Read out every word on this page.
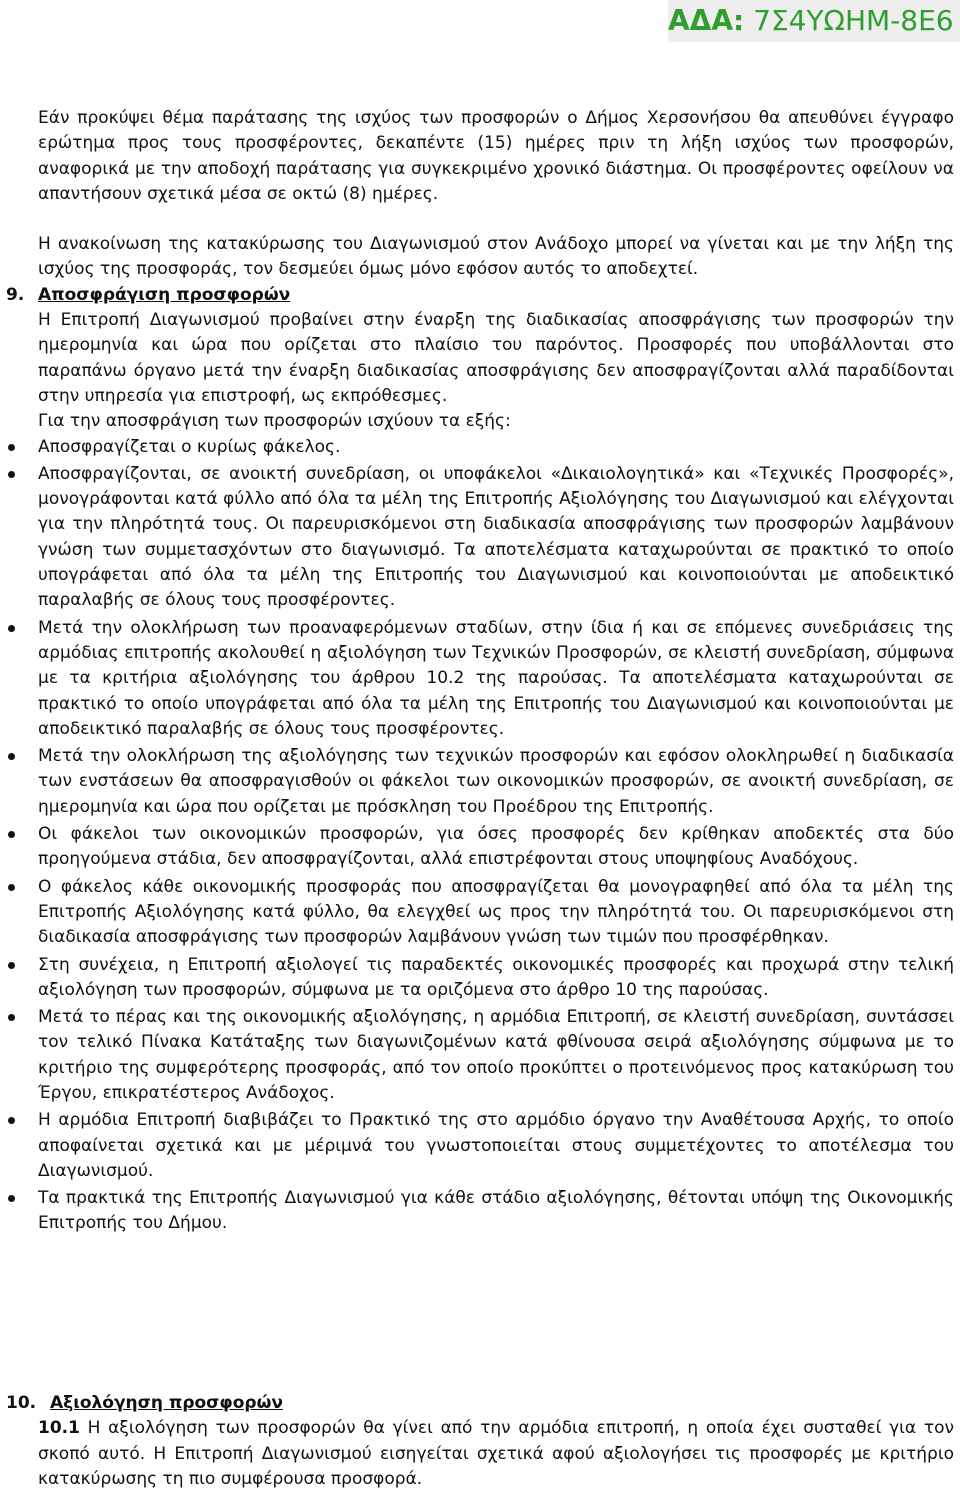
ΑΔΑ: 7Σ4ΥΩΗΜ-8Ε6

Εάν προκύψει θέμα παράτασης της ισχύος των προσφορών ο Δήμος Χερσονήσου θα απευθύνει έγγραφο ερώτημα προς τους προσφέροντες, δεκαπέντε (15) ημέρες πριν τη λήξη ισχύος των προσφορών, αναφορικά με την αποδοχή παράτασης για συγκεκριμένο χρονικό διάστημα. Οι προσφέροντες οφείλουν να απαντήσουν σχετικά μέσα σε οκτώ (8) ημέρες.

Η ανακοίνωση της κατακύρωσης του Διαγωνισμού στον Ανάδοχο μπορεί να γίνεται και με την λήξη της ισχύος της προσφοράς, τον δεσμεύει όμως μόνο εφόσον αυτός το αποδεχτεί.

9. Αποσφράγιση προσφορών

Η Επιτροπή Διαγωνισμού προβαίνει στην έναρξη της διαδικασίας αποσφράγισης των προσφορών την ημερομηνία και ώρα που ορίζεται στο πλαίσιο του παρόντος. Προσφορές που υποβάλλονται στο παραπάνω όργανο μετά την έναρξη διαδικασίας αποσφράγισης δεν αποσφραγίζονται αλλά παραδίδονται στην υπηρεσία για επιστροφή, ως εκπρόθεσμες.

Για την αποσφράγιση των προσφορών ισχύουν τα εξής:

Αποσφραγίζεται ο κυρίως φάκελος.
Αποσφραγίζονται, σε ανοικτή συνεδρίαση, οι υποφάκελοι «Δικαιολογητικά» και «Τεχνικές Προσφορές», μονογράφονται κατά φύλλο από όλα τα μέλη της Επιτροπής Αξιολόγησης του Διαγωνισμού και ελέγχονται για την πληρότητά τους. Οι παρευρισκόμενοι στη διαδικασία αποσφράγισης των προσφορών λαμβάνουν γνώση των συμμετασχόντων στο διαγωνισμό. Τα αποτελέσματα καταχωρούνται σε πρακτικό το οποίο υπογράφεται από όλα τα μέλη της Επιτροπής του Διαγωνισμού και κοινοποιούνται με αποδεικτικό παραλαβής σε όλους τους προσφέροντες.
Μετά την ολοκλήρωση των προαναφερόμενων σταδίων, στην ίδια ή και σε επόμενες συνεδριάσεις της αρμόδιας επιτροπής ακολουθεί η αξιολόγηση των Τεχνικών Προσφορών, σε κλειστή συνεδρίαση, σύμφωνα με τα κριτήρια αξιολόγησης του άρθρου 10.2 της παρούσας. Τα αποτελέσματα καταχωρούνται σε πρακτικό το οποίο υπογράφεται από όλα τα μέλη της Επιτροπής του Διαγωνισμού και κοινοποιούνται με αποδεικτικό παραλαβής σε όλους τους προσφέροντες.
Μετά την ολοκλήρωση της αξιολόγησης των τεχνικών προσφορών και εφόσον ολοκληρωθεί η διαδικασία των ενστάσεων θα αποσφραγισθούν οι φάκελοι των οικονομικών προσφορών, σε ανοικτή συνεδρίαση, σε ημερομηνία και ώρα που ορίζεται με πρόσκληση του Προέδρου της Επιτροπής.
Οι φάκελοι των οικονομικών προσφορών, για όσες προσφορές δεν κρίθηκαν αποδεκτές στα δύο προηγούμενα στάδια, δεν αποσφραγίζονται, αλλά επιστρέφονται στους υποψηφίους Αναδόχους.
Ο φάκελος κάθε οικονομικής προσφοράς που αποσφραγίζεται θα μονογραφηθεί από όλα τα μέλη της Επιτροπής Αξιολόγησης κατά φύλλο, θα ελεγχθεί ως προς την πληρότητά του. Οι παρευρισκόμενοι στη διαδικασία αποσφράγισης των προσφορών λαμβάνουν γνώση των τιμών που προσφέρθηκαν.
Στη συνέχεια, η Επιτροπή αξιολογεί τις παραδεκτές οικονομικές προσφορές και προχωρά στην τελική αξιολόγηση των προσφορών, σύμφωνα με τα οριζόμενα στο άρθρο 10 της παρούσας.
Μετά το πέρας και της οικονομικής αξιολόγησης, η αρμόδια Επιτροπή, σε κλειστή συνεδρίαση, συντάσσει τον τελικό Πίνακα Κατάταξης των διαγωνιζομένων κατά φθίνουσα σειρά αξιολόγησης σύμφωνα με το κριτήριο της συμφερότερης προσφοράς, από τον οποίο προκύπτει ο προτεινόμενος προς κατακύρωση του Έργου, επικρατέστερος Ανάδοχος.
Η αρμόδια Επιτροπή διαβιβάζει το Πρακτικό της στο αρμόδιο όργανο την Αναθέτουσα Αρχής, το οποίο αποφαίνεται σχετικά και με μέριμνά του γνωστοποιείται στους συμμετέχοντες το αποτέλεσμα του Διαγωνισμού.
Τα πρακτικά της Επιτροπής Διαγωνισμού για κάθε στάδιο αξιολόγησης, θέτονται υπόψη της Οικονομικής Επιτροπής του Δήμου.
10. Αξιολόγηση προσφορών

10.1 Η αξιολόγηση των προσφορών θα γίνει από την αρμόδια επιτροπή, η οποία έχει συσταθεί για τον σκοπό αυτό. Η Επιτροπή Διαγωνισμού εισηγείται σχετικά αφού αξιολογήσει τις προσφορές με κριτήριο κατακύρωσης τη πιο συμφέρουσα προσφορά.
